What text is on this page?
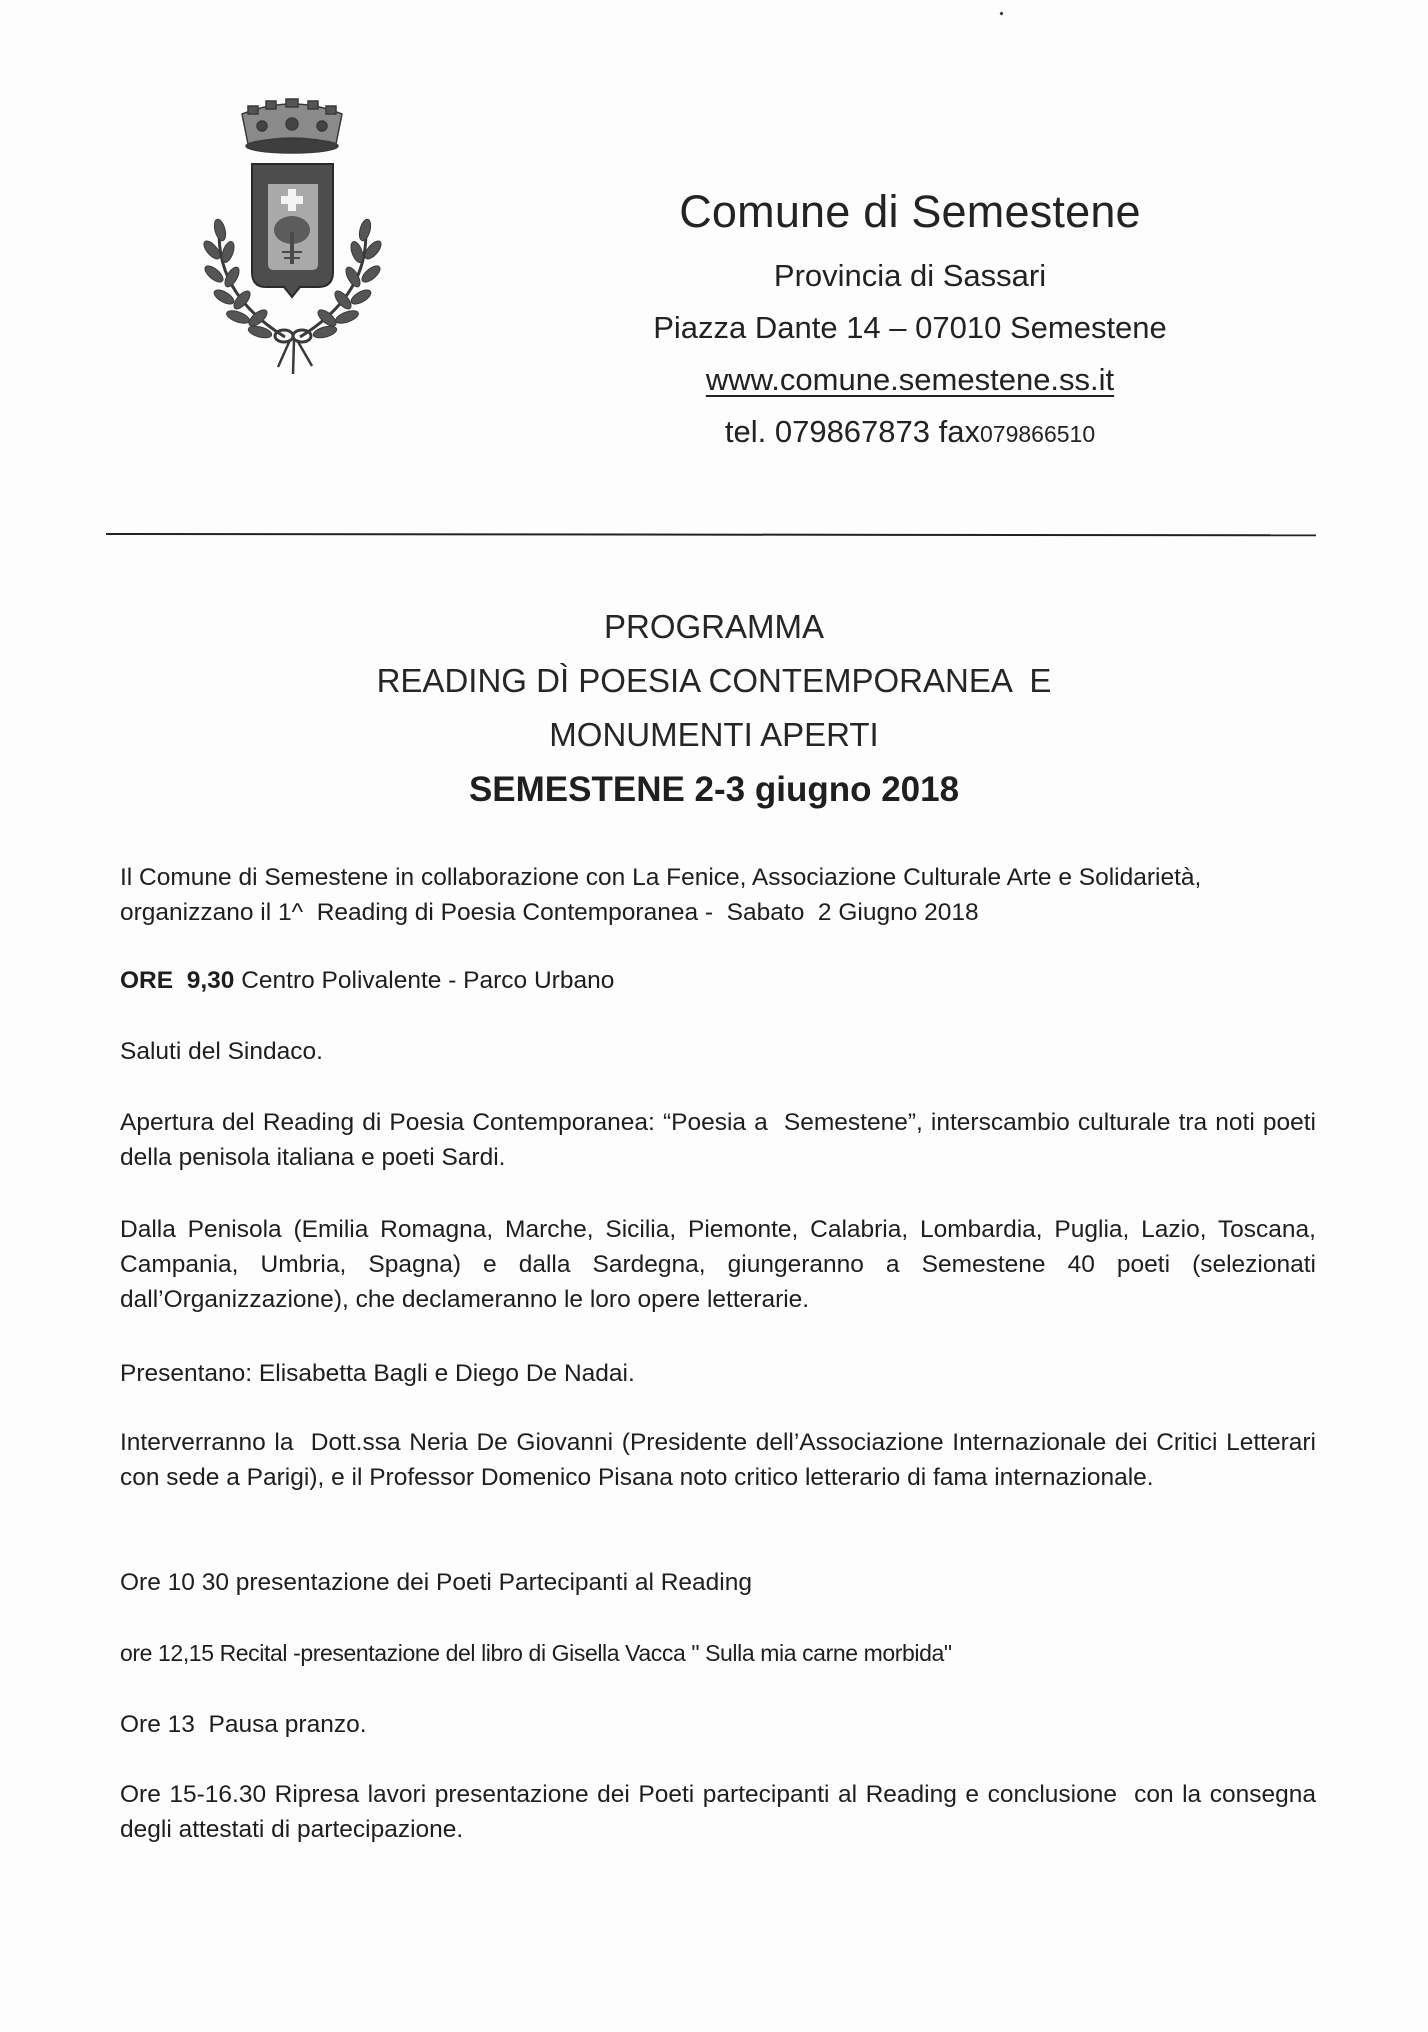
Comune di Semestene
Provincia di Sassari
Piazza Dante 14 – 07010 Semestene
www.comune.semestene.ss.it
tel. 079867873 fax079866510
PROGRAMMA
READING DÌ POESIA CONTEMPORANEA  E
MONUMENTI APERTI
SEMESTENE 2-3 giugno 2018
Il Comune di Semestene in collaborazione con La Fenice, Associazione Culturale Arte e Solidarietà,
organizzano il 1^  Reading di Poesia Contemporanea -  Sabato  2 Giugno 2018
ORE  9,30 Centro Polivalente - Parco Urbano
Saluti del Sindaco.
Apertura del Reading di Poesia Contemporanea: “Poesia a  Semestene”, interscambio culturale tra noti poeti della penisola italiana e poeti Sardi.
Dalla Penisola (Emilia Romagna, Marche, Sicilia, Piemonte, Calabria, Lombardia, Puglia, Lazio, Toscana, Campania, Umbria, Spagna) e dalla Sardegna, giungeranno a Semestene 40 poeti (selezionati dall’Organizzazione), che declameranno le loro opere letterarie.
Presentano: Elisabetta Bagli e Diego De Nadai.
Interverranno la  Dott.ssa Neria De Giovanni (Presidente dell’Associazione Internazionale dei Critici Letterari con sede a Parigi), e il Professor Domenico Pisana noto critico letterario di fama internazionale.
Ore 10 30 presentazione dei Poeti Partecipanti al Reading
ore 12,15 Recital -presentazione del libro di Gisella Vacca " Sulla mia carne morbida"
Ore 13  Pausa pranzo.
Ore 15-16.30 Ripresa lavori presentazione dei Poeti partecipanti al Reading e conclusione  con la consegna degli attestati di partecipazione.
